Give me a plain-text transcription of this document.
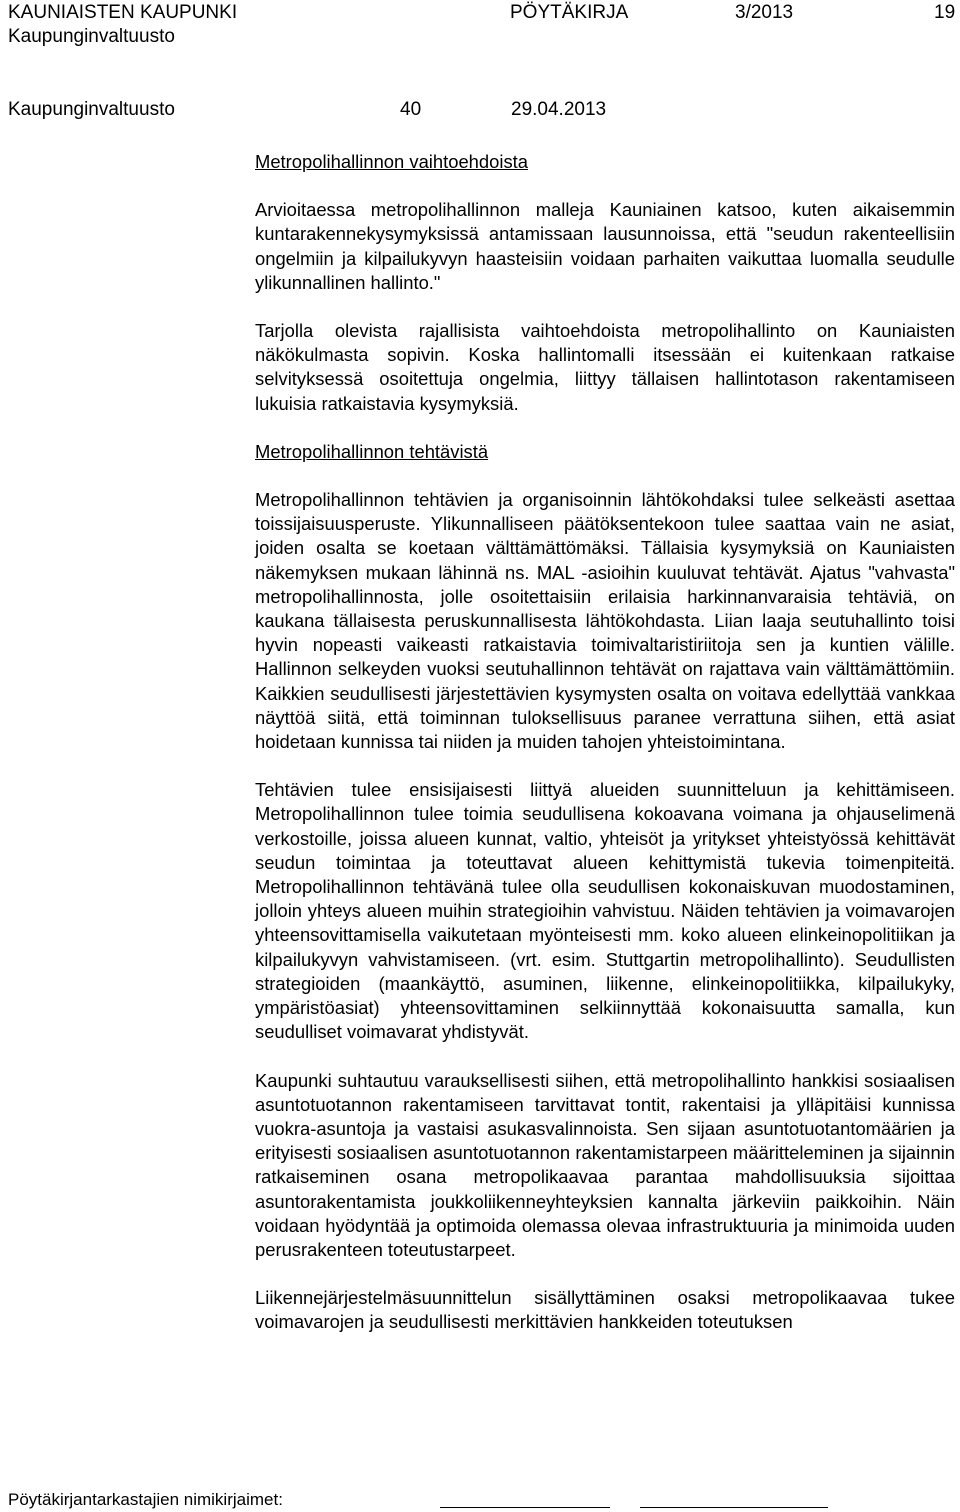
KAUNIAISTEN KAUPUNKI	PÖYTÄKIRJA	3/2013	19
Kaupunginvaltuusto
Kaupunginvaltuusto	40	29.04.2013
Metropolihallinnon vaihtoehdoista

Arvioitaessa metropolihallinnon malleja Kauniainen katsoo, kuten aikaisemmin kuntarakennekysymyksissä antamissaan lausunnoissa, että "seudun rakenteellisiin ongelmiin ja kilpailukyvyn haasteisiin voidaan parhaiten vaikuttaa luomalla seudulle ylikunnallinen hallinto."

Tarjolla olevista rajallisista vaihtoehdoista metropolihallinto on Kauniaisten näkökulmasta sopivin. Koska hallintomalli itsessään ei kuitenkaan ratkaise selvityksessä osoitettuja ongelmia, liittyy tällaisen hallintotason rakentamiseen lukuisia ratkaistavia kysymyksiä.

Metropolihallinnon tehtävistä

Metropolihallinnon tehtävien ja organisoinnin lähtökohdaksi tulee selkeästi asettaa toissijaisuusperuste. Ylikunnalliseen päätöksentekoon tulee saattaa vain ne asiat, joiden osalta se koetaan välttämättömäksi. Tällaisia kysymyksiä on Kauniaisten näkemyksen mukaan lähinnä ns. MAL -asioihin kuuluvat tehtävät. Ajatus "vahvasta" metropolihallinnosta, jolle osoitettaisiin erilaisia harkinnanvaraisia tehtäviä, on kaukana tällaisesta peruskunnallisesta lähtökohdasta. Liian laaja seutuhallinto toisi hyvin nopeasti vaikeasti ratkaistavia toimivaltaristiriitoja sen ja kuntien välille. Hallinnon selkeyden vuoksi seutuhallinnon tehtävät on rajattava vain välttämättömiin. Kaikkien seudullisesti järjestettävien kysymysten osalta on voitava edellyttää vankkaa näyttöä siitä, että toiminnan tuloksellisuus paranee verrattuna siihen, että asiat hoidetaan kunnissa tai niiden ja muiden tahojen yhteistoimintana.

Tehtävien tulee ensisijaisesti liittyä alueiden suunnitteluun ja kehittämiseen. Metropolihallinnon tulee toimia seudullisena kokoavana voimana ja ohjauselimenä verkostoille, joissa alueen kunnat, valtio, yhteisöt ja yritykset yhteistyössä kehittävät seudun toimintaa ja toteuttavat alueen kehittymistä tukevia toimenpiteitä. Metropolihallinnon tehtävänä tulee olla seudullisen kokonaiskuvan muodostaminen, jolloin yhteys alueen muihin strategioihin vahvistuu. Näiden tehtävien ja voimavarojen yhteensovittamisella vaikutetaan myönteisesti mm. koko alueen elinkeinopolitiikan ja kilpailukyvyn vahvistamiseen. (vrt. esim. Stuttgartin metropolihallinto). Seudullisten strategioiden (maankäyttö, asuminen, liikenne, elinkeinopolitiikka, kilpailukyky, ympäristöasiat) yhteensovittaminen selkiinnyttää kokonaisuutta samalla, kun seudulliset voimavarat yhdistyvät.

Kaupunki suhtautuu varauksellisesti siihen, että metropolihallinto hankkisi sosiaalisen asuntotuotannon rakentamiseen tarvittavat tontit, rakentaisi ja ylläpitäisi kunnissa vuokra-asuntoja ja vastaisi asukasvalinnoista. Sen sijaan asuntotuotantomäärien ja erityisesti sosiaalisen asuntotuotannon rakentamistarpeen määritteleminen ja sijainnin ratkaiseminen osana metropolikaavaa parantaa mahdollisuuksia sijoittaa asuntorakentamista joukkoliikenneyhteyksien kannalta järkeviin paikkoihin. Näin voidaan hyödyntää ja optimoida olemassa olevaa infrastruktuuria ja minimoida uuden perusrakenteen toteutustarpeet.

Liikennejärjestelmäsuunnittelun sisällyttäminen osaksi metropolikaavaa tukee voimavarojen ja seudullisesti merkittävien hankkeiden toteutuksen

Pöytäkirjantarkastajien nimikirjaimet:
